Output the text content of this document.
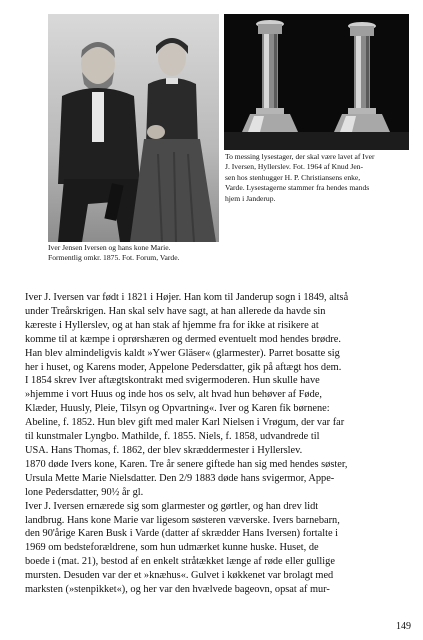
To messing lysestager, der skal være lavet af Iver
J. Iversen, Hyllerslev. Fot. 1964 af Knud Jen-
sen hos stenhugger H. P. Christiansens enke,
Varde. Lysestagerne stammer fra hendes mands
hjem i Janderup.
Iver Jensen Iversen og hans kone Marie.
Formentlig omkr. 1875. Fot. Forum, Varde.
Iver J. Iversen var født i 1821 i Højer. Han kom til Janderup sogn i 1849, altså
under Treårskrigen. Han skal selv have sagt, at han allerede da havde sin
kæreste i Hyllerslev, og at han stak af hjemme fra for ikke at risikere at
komme til at kæmpe i oprørshæren og dermed eventuelt mod hendes brødre.
Han blev almindeligvis kaldt »Ywer Gläser« (glarmester). Parret bosatte sig
her i huset, og Karens moder, Appelone Pedersdatter, gik på aftægt hos dem.
I 1854 skrev Iver aftægtskontrakt med svigermoderen. Hun skulle have
»hjemme i vort Huus og inde hos os selv, alt hvad hun behøver af Føde,
Klæder, Huusly, Pleie, Tilsyn og Opvartning«. Iver og Karen fik børnene:
Abeline, f. 1852. Hun blev gift med maler Karl Nielsen i Vrøgum, der var far
til kunstmaler Lyngbo. Mathilde, f. 1855. Niels, f. 1858, udvandrede til
USA. Hans Thomas, f. 1862, der blev skræddermester i Hyllerslev.
1870 døde Ivers kone, Karen. Tre år senere giftede han sig med hendes søster,
Ursula Mette Marie Nielsdatter. Den 2/9 1883 døde hans svigermor, Appe-
lone Pedersdatter, 90½ år gl.
Iver J. Iversen ernærede sig som glarmester og gørtler, og han drev lidt
landbrug. Hans kone Marie var ligesom søsteren væverske. Ivers barnebarn,
den 90'årige Karen Busk i Varde (datter af skrædder Hans Iversen) fortalte i
1969 om bedsteforældrene, som hun udmærket kunne huske. Huset, de
boede i (mat. 21), bestod af en enkelt stråtækket længe af røde eller gullige
mursten. Desuden var der et »knæhus«. Gulvet i køkkenet var brolagt med
marksten (»stenpikket«), og her var den hvælvede bageovn, opsat af mur-
149
